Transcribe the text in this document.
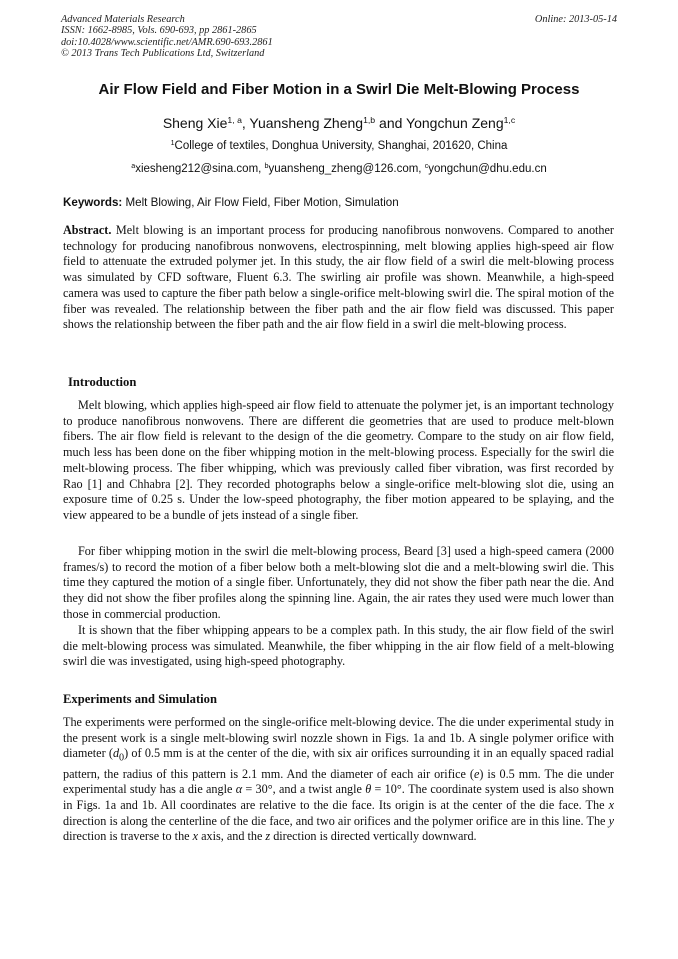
Advanced Materials Research
ISSN: 1662-8985, Vols. 690-693, pp 2861-2865
doi:10.4028/www.scientific.net/AMR.690-693.2861
© 2013 Trans Tech Publications Ltd, Switzerland
Online: 2013-05-14
Air Flow Field and Fiber Motion in a Swirl Die Melt-Blowing Process
Sheng Xie$^{1, a}$, Yuansheng Zheng$^{1,b}$ and Yongchun Zeng$^{1,c}$
$^1$College of textiles, Donghua University, Shanghai, 201620, China
$^a$xiesheng212@sina.com, $^b$yuansheng_zheng@126.com, $^c$yongchun@dhu.edu.cn
Keywords: Melt Blowing, Air Flow Field, Fiber Motion, Simulation

Abstract. Melt blowing is an important process for producing nanofibrous nonwovens. Compared to another technology for producing nanofibrous nonwovens, electrospinning, melt blowing applies high-speed air flow field to attenuate the extruded polymer jet. In this study, the air flow field of a swirl die melt-blowing process was simulated by CFD software, Fluent 6.3. The swirling air profile was shown. Meanwhile, a high-speed camera was used to capture the fiber path below a single-orifice melt-blowing swirl die. The spiral motion of the fiber was revealed. The relationship between the fiber path and the air flow field was discussed. This paper shows the relationship between the fiber path and the air flow field in a swirl die melt-blowing process.

Introduction

Melt blowing, which applies high-speed air flow field to attenuate the polymer jet, is an important technology to produce nanofibrous nonwovens. There are different die geometries that are used to produce melt-blown fibers. The air flow field is relevant to the design of the die geometry. Compare to the study on air flow field, much less has been done on the fiber whipping motion in the melt-blowing process. Especially for the swirl die melt-blowing process. The fiber whipping, which was previously called fiber vibration, was first recorded by Rao [1] and Chhabra [2]. They recorded photographs below a single-orifice melt-blowing slot die, using an exposure time of 0.25 s. Under the low-speed photography, the fiber motion appeared to be splaying, and the view appeared to be a bundle of jets instead of a single fiber.

For fiber whipping motion in the swirl die melt-blowing process, Beard [3] used a high-speed camera (2000 frames/s) to record the motion of a fiber below both a melt-blowing slot die and a melt-blowing swirl die. This time they captured the motion of a single fiber. Unfortunately, they did not show the fiber path near the die. And they did not show the fiber profiles along the spinning line. Again, the air rates they used were much lower than those in commercial production.

It is shown that the fiber whipping appears to be a complex path. In this study, the air flow field of the swirl die melt-blowing process was simulated. Meanwhile, the fiber whipping in the air flow field of a melt-blowing swirl die was investigated, using high-speed photography.

Experiments and Simulation

The experiments were performed on the single-orifice melt-blowing device. The die under experimental study in the present work is a single melt-blowing swirl nozzle shown in Figs. 1a and 1b. A single polymer orifice with diameter $(d_0)$ of 0.5 mm is at the center of the die, with six air orifices surrounding it in an equally spaced radial pattern, the radius of this pattern is 2.1 mm. And the diameter of each air orifice (e) is 0.5 mm. The die under experimental study has a die angle α = 30°, and a twist angle θ = 10°. The coordinate system used is also shown in Figs. 1a and 1b. All coordinates are relative to the die face. Its origin is at the center of the die face. The x direction is along the centerline of the die face, and two air orifices and the polymer orifice are in this line. The y direction is traverse to the x axis, and the z direction is directed vertically downward.
